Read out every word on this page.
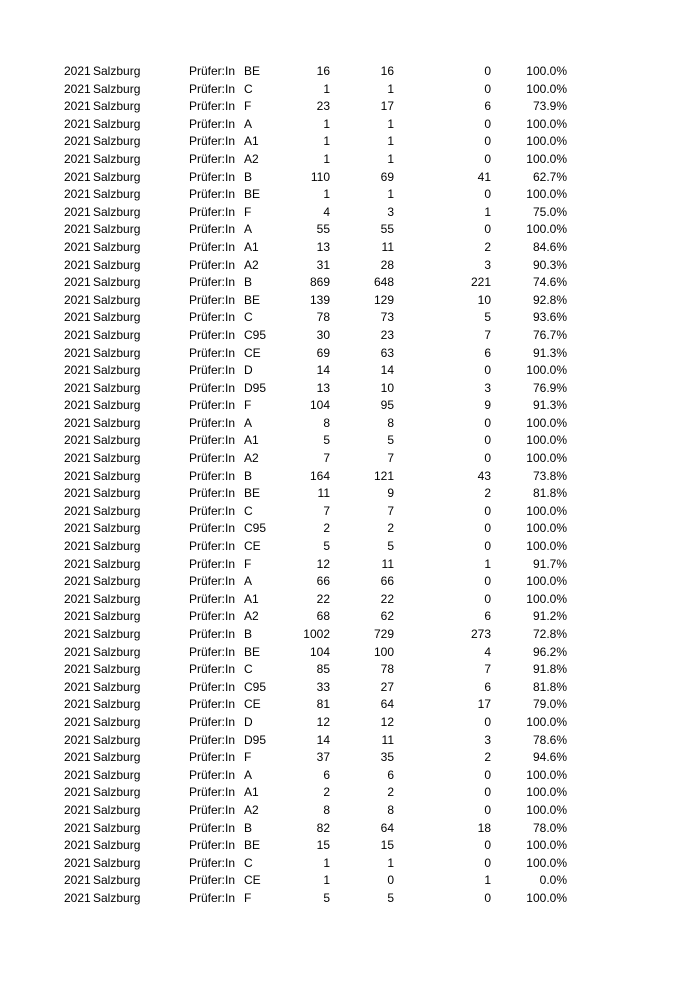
2021 Salzburg	Prüfer:In BE	16	16	0	100.0%
2021 Salzburg	Prüfer:In C	1	1	0	100.0%
2021 Salzburg	Prüfer:In F	23	17	6	73.9%
2021 Salzburg	Prüfer:In A	1	1	0	100.0%
2021 Salzburg	Prüfer:In A1	1	1	0	100.0%
2021 Salzburg	Prüfer:In A2	1	1	0	100.0%
2021 Salzburg	Prüfer:In B	110	69	41	62.7%
2021 Salzburg	Prüfer:In BE	1	1	0	100.0%
2021 Salzburg	Prüfer:In F	4	3	1	75.0%
2021 Salzburg	Prüfer:In A	55	55	0	100.0%
2021 Salzburg	Prüfer:In A1	13	11	2	84.6%
2021 Salzburg	Prüfer:In A2	31	28	3	90.3%
2021 Salzburg	Prüfer:In B	869	648	221	74.6%
2021 Salzburg	Prüfer:In BE	139	129	10	92.8%
2021 Salzburg	Prüfer:In C	78	73	5	93.6%
2021 Salzburg	Prüfer:In C95	30	23	7	76.7%
2021 Salzburg	Prüfer:In CE	69	63	6	91.3%
2021 Salzburg	Prüfer:In D	14	14	0	100.0%
2021 Salzburg	Prüfer:In D95	13	10	3	76.9%
2021 Salzburg	Prüfer:In F	104	95	9	91.3%
2021 Salzburg	Prüfer:In A	8	8	0	100.0%
2021 Salzburg	Prüfer:In A1	5	5	0	100.0%
2021 Salzburg	Prüfer:In A2	7	7	0	100.0%
2021 Salzburg	Prüfer:In B	164	121	43	73.8%
2021 Salzburg	Prüfer:In BE	11	9	2	81.8%
2021 Salzburg	Prüfer:In C	7	7	0	100.0%
2021 Salzburg	Prüfer:In C95	2	2	0	100.0%
2021 Salzburg	Prüfer:In CE	5	5	0	100.0%
2021 Salzburg	Prüfer:In F	12	11	1	91.7%
2021 Salzburg	Prüfer:In A	66	66	0	100.0%
2021 Salzburg	Prüfer:In A1	22	22	0	100.0%
2021 Salzburg	Prüfer:In A2	68	62	6	91.2%
2021 Salzburg	Prüfer:In B	1002	729	273	72.8%
2021 Salzburg	Prüfer:In BE	104	100	4	96.2%
2021 Salzburg	Prüfer:In C	85	78	7	91.8%
2021 Salzburg	Prüfer:In C95	33	27	6	81.8%
2021 Salzburg	Prüfer:In CE	81	64	17	79.0%
2021 Salzburg	Prüfer:In D	12	12	0	100.0%
2021 Salzburg	Prüfer:In D95	14	11	3	78.6%
2021 Salzburg	Prüfer:In F	37	35	2	94.6%
2021 Salzburg	Prüfer:In A	6	6	0	100.0%
2021 Salzburg	Prüfer:In A1	2	2	0	100.0%
2021 Salzburg	Prüfer:In A2	8	8	0	100.0%
2021 Salzburg	Prüfer:In B	82	64	18	78.0%
2021 Salzburg	Prüfer:In BE	15	15	0	100.0%
2021 Salzburg	Prüfer:In C	1	1	0	100.0%
2021 Salzburg	Prüfer:In CE	1	0	1	0.0%
2021 Salzburg	Prüfer:In F	5	5	0	100.0%
